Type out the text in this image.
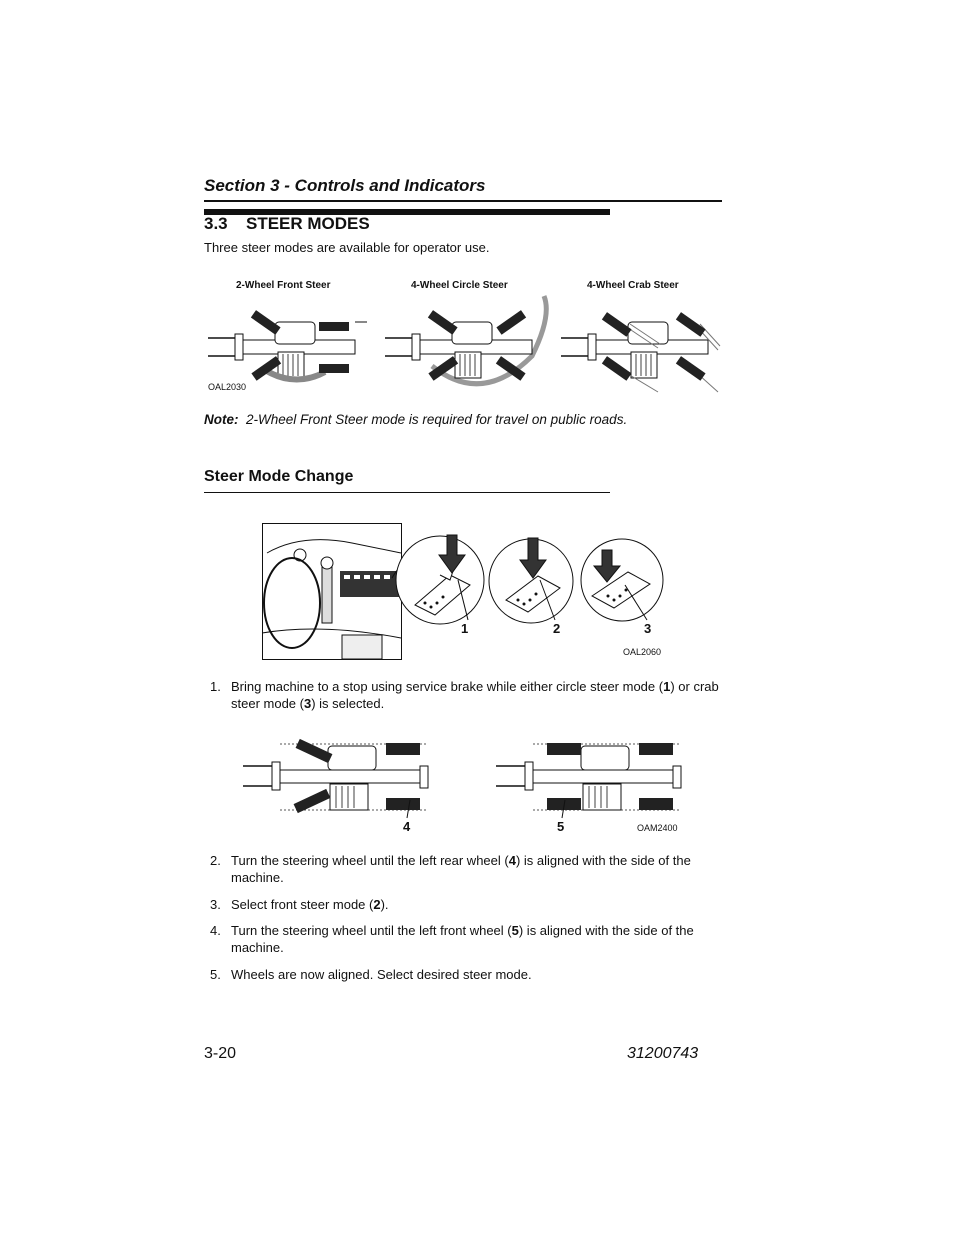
Section 3 - Controls and Indicators
3.3 STEER MODES
Three steer modes are available for operator use.
2-Wheel Front Steer	4-Wheel Circle Steer	4-Wheel Crab Steer
OAL2030
Note: 2-Wheel Front Steer mode is required for travel on public roads.
Steer Mode Change
1	2	3
OAL2060
1. Bring machine to a stop using service brake while either circle steer mode (1) or crab steer mode (3) is selected.
4	5	OAM2400
2. Turn the steering wheel until the left rear wheel (4) is aligned with the side of the machine.
3. Select front steer mode (2).
4. Turn the steering wheel until the left front wheel (5) is aligned with the side of the machine.
5. Wheels are now aligned. Select desired steer mode.
3-20	31200743
